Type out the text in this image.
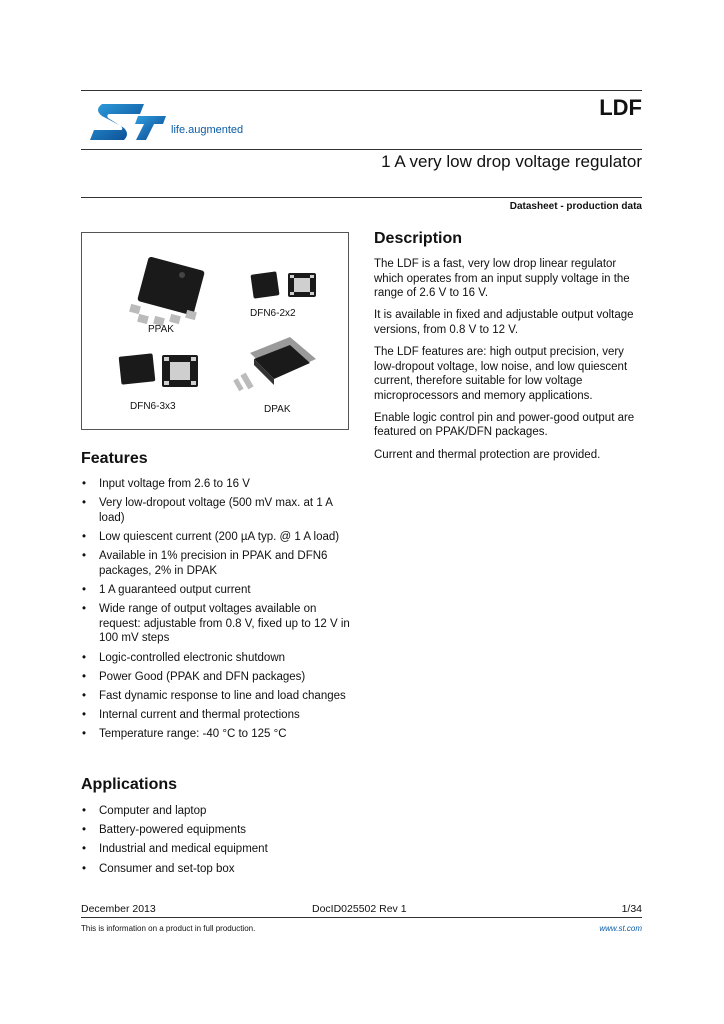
life.augmented
LDF
1 A very low drop voltage regulator
Datasheet - production data
PPAK
DFN6-2x2
DFN6-3x3	DPAK
Description

The LDF is a fast, very low drop linear regulator which operates from an input supply voltage in the range of 2.6 V to 16 V.

It is available in fixed and adjustable output voltage versions, from 0.8 V to 12 V.

The LDF features are: high output precision, very low-dropout voltage, low noise, and low quiescent current, therefore suitable for low voltage microprocessors and memory applications.

Enable logic control pin and power-good output are featured on PPAK/DFN packages.

Current and thermal protection are provided.

Features
• Input voltage from 2.6 to 16 V
• Very low-dropout voltage (500 mV max. at 1 A load)
• Low quiescent current (200 µA typ. @ 1 A load)
• Available in 1% precision in PPAK and DFN6 packages, 2% in DPAK
• 1 A guaranteed output current
• Wide range of output voltages available on request: adjustable from 0.8 V, fixed up to 12 V in 100 mV steps
• Logic-controlled electronic shutdown
• Power Good (PPAK and DFN packages)
• Fast dynamic response to line and load changes
• Internal current and thermal protections
• Temperature range: -40 °C to 125 °C
Applications
• Computer and laptop
• Battery-powered equipments
• Industrial and medical equipment
• Consumer and set-top box
December 2013	DocID025502 Rev 1	1/34
This is information on a product in full production.	www.st.com
